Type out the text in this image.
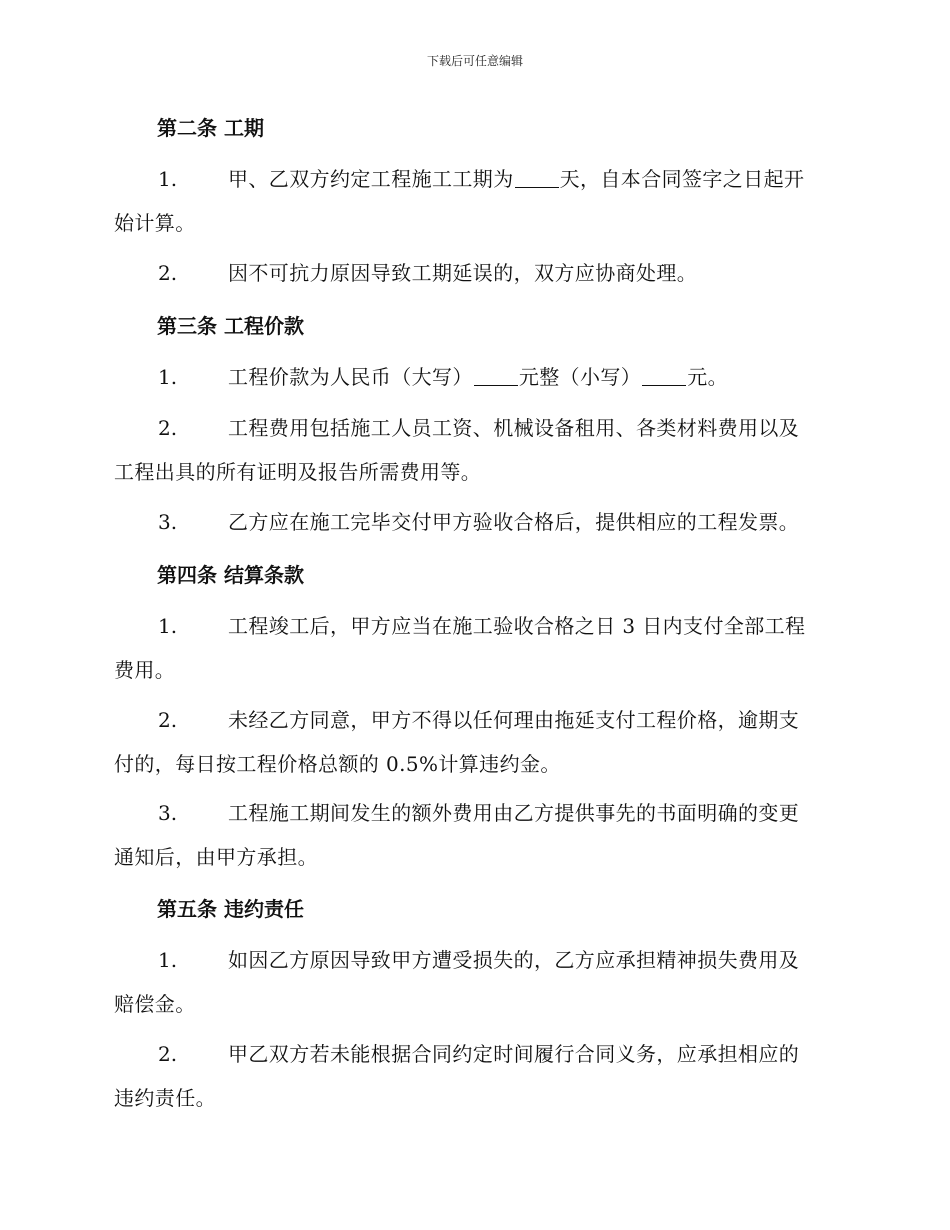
下载后可任意编辑
第二条 工期
1.	甲、乙双方约定工程施工工期为 天，自本合同签字之日起开
始计算。
2.	因不可抗力原因导致工期延误的，双方应协商处理。
第三条 工程价款
1.	工程价款为人民币（大写） 元整（小写） 元。
2.	工程费用包括施工人员工资、机械设备租用、各类材料费用以及
工程出具的所有证明及报告所需费用等。
3.	乙方应在施工完毕交付甲方验收合格后，提供相应的工程发票。
第四条 结算条款
1.	工程竣工后，甲方应当在施工验收合格之日 3 日内支付全部工程
费用。
2.	未经乙方同意，甲方不得以任何理由拖延支付工程价格，逾期支
付的，每日按工程价格总额的 0.5%计算违约金。
3.	工程施工期间发生的额外费用由乙方提供事先的书面明确的变更
通知后，由甲方承担。
第五条 违约责任
1.	如因乙方原因导致甲方遭受损失的，乙方应承担精神损失费用及
赔偿金。
2.	甲乙双方若未能根据合同约定时间履行合同义务，应承担相应的
违约责任。
